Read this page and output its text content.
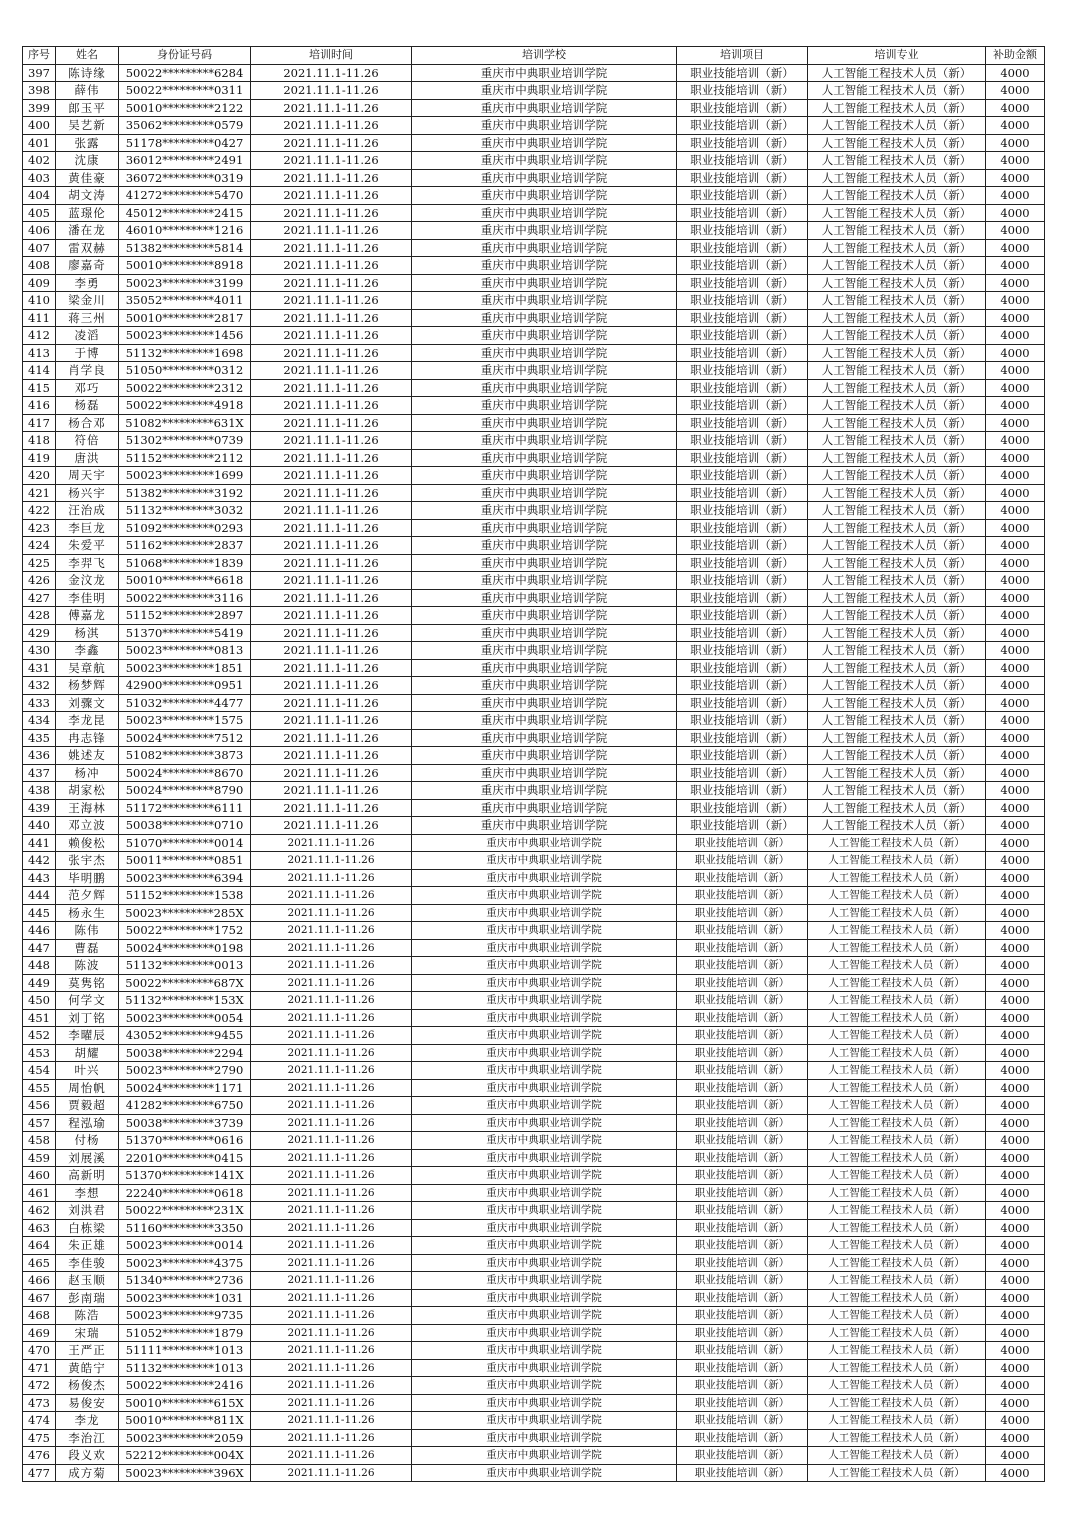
序号	姓名	身份证号码	培训时间	培训学校	培训项目	培训专业	补助金额
397	陈诗缘	50022*********6284	2021.11.1-11.26	重庆市中典职业培训学院	职业技能培训（新）	人工智能工程技术人员（新）	4000
398	薛伟	50022*********0311	2021.11.1-11.26	重庆市中典职业培训学院	职业技能培训（新）	人工智能工程技术人员（新）	4000
399	郎玉平	50010*********2122	2021.11.1-11.26	重庆市中典职业培训学院	职业技能培训（新）	人工智能工程技术人员（新）	4000
400	吴艺新	35062*********0579	2021.11.1-11.26	重庆市中典职业培训学院	职业技能培训（新）	人工智能工程技术人员（新）	4000
401	张露	51178*********0427	2021.11.1-11.26	重庆市中典职业培训学院	职业技能培训（新）	人工智能工程技术人员（新）	4000
402	沈康	36012*********2491	2021.11.1-11.26	重庆市中典职业培训学院	职业技能培训（新）	人工智能工程技术人员（新）	4000
403	黄佳豪	36072*********0319	2021.11.1-11.26	重庆市中典职业培训学院	职业技能培训（新）	人工智能工程技术人员（新）	4000
404	胡文涛	41272*********5470	2021.11.1-11.26	重庆市中典职业培训学院	职业技能培训（新）	人工智能工程技术人员（新）	4000
405	蓝璟伦	45012*********2415	2021.11.1-11.26	重庆市中典职业培训学院	职业技能培训（新）	人工智能工程技术人员（新）	4000
406	潘在龙	46010*********1216	2021.11.1-11.26	重庆市中典职业培训学院	职业技能培训（新）	人工智能工程技术人员（新）	4000
407	雷双赫	51382*********5814	2021.11.1-11.26	重庆市中典职业培训学院	职业技能培训（新）	人工智能工程技术人员（新）	4000
408	廖嘉奇	50010*********8918	2021.11.1-11.26	重庆市中典职业培训学院	职业技能培训（新）	人工智能工程技术人员（新）	4000
409	李勇	50023*********3199	2021.11.1-11.26	重庆市中典职业培训学院	职业技能培训（新）	人工智能工程技术人员（新）	4000
410	梁金川	35052*********4011	2021.11.1-11.26	重庆市中典职业培训学院	职业技能培训（新）	人工智能工程技术人员（新）	4000
411	蒋三州	50010*********2817	2021.11.1-11.26	重庆市中典职业培训学院	职业技能培训（新）	人工智能工程技术人员（新）	4000
412	凌滔	50023*********1456	2021.11.1-11.26	重庆市中典职业培训学院	职业技能培训（新）	人工智能工程技术人员（新）	4000
413	于博	51132*********1698	2021.11.1-11.26	重庆市中典职业培训学院	职业技能培训（新）	人工智能工程技术人员（新）	4000
414	肖学良	51050*********0312	2021.11.1-11.26	重庆市中典职业培训学院	职业技能培训（新）	人工智能工程技术人员（新）	4000
415	邓巧	50022*********2312	2021.11.1-11.26	重庆市中典职业培训学院	职业技能培训（新）	人工智能工程技术人员（新）	4000
416	杨磊	50022*********4918	2021.11.1-11.26	重庆市中典职业培训学院	职业技能培训（新）	人工智能工程技术人员（新）	4000
417	杨合邓	51082*********631X	2021.11.1-11.26	重庆市中典职业培训学院	职业技能培训（新）	人工智能工程技术人员（新）	4000
418	符倍	51302*********0739	2021.11.1-11.26	重庆市中典职业培训学院	职业技能培训（新）	人工智能工程技术人员（新）	4000
419	唐洪	51152*********2112	2021.11.1-11.26	重庆市中典职业培训学院	职业技能培训（新）	人工智能工程技术人员（新）	4000
420	周天宇	50023*********1699	2021.11.1-11.26	重庆市中典职业培训学院	职业技能培训（新）	人工智能工程技术人员（新）	4000
421	杨兴宇	51382*********3192	2021.11.1-11.26	重庆市中典职业培训学院	职业技能培训（新）	人工智能工程技术人员（新）	4000
422	汪治成	51132*********3032	2021.11.1-11.26	重庆市中典职业培训学院	职业技能培训（新）	人工智能工程技术人员（新）	4000
423	李巨龙	51092*********0293	2021.11.1-11.26	重庆市中典职业培训学院	职业技能培训（新）	人工智能工程技术人员（新）	4000
424	朱爱平	51162*********2837	2021.11.1-11.26	重庆市中典职业培训学院	职业技能培训（新）	人工智能工程技术人员（新）	4000
425	李羿飞	51068*********1839	2021.11.1-11.26	重庆市中典职业培训学院	职业技能培训（新）	人工智能工程技术人员（新）	4000
426	金汶龙	50010*********6618	2021.11.1-11.26	重庆市中典职业培训学院	职业技能培训（新）	人工智能工程技术人员（新）	4000
427	李佳明	50022*********3116	2021.11.1-11.26	重庆市中典职业培训学院	职业技能培训（新）	人工智能工程技术人员（新）	4000
428	傅嘉龙	51152*********2897	2021.11.1-11.26	重庆市中典职业培训学院	职业技能培训（新）	人工智能工程技术人员（新）	4000
429	杨淇	51370*********5419	2021.11.1-11.26	重庆市中典职业培训学院	职业技能培训（新）	人工智能工程技术人员（新）	4000
430	李鑫	50023*********0813	2021.11.1-11.26	重庆市中典职业培训学院	职业技能培训（新）	人工智能工程技术人员（新）	4000
431	吴章航	50023*********1851	2021.11.1-11.26	重庆市中典职业培训学院	职业技能培训（新）	人工智能工程技术人员（新）	4000
432	杨梦辉	42900*********0951	2021.11.1-11.26	重庆市中典职业培训学院	职业技能培训（新）	人工智能工程技术人员（新）	4000
433	刘骤文	51032*********4477	2021.11.1-11.26	重庆市中典职业培训学院	职业技能培训（新）	人工智能工程技术人员（新）	4000
434	李龙昆	50023*********1575	2021.11.1-11.26	重庆市中典职业培训学院	职业技能培训（新）	人工智能工程技术人员（新）	4000
435	冉志锋	50024*********7512	2021.11.1-11.26	重庆市中典职业培训学院	职业技能培训（新）	人工智能工程技术人员（新）	4000
436	姚述友	51082*********3873	2021.11.1-11.26	重庆市中典职业培训学院	职业技能培训（新）	人工智能工程技术人员（新）	4000
437	杨冲	50024*********8670	2021.11.1-11.26	重庆市中典职业培训学院	职业技能培训（新）	人工智能工程技术人员（新）	4000
438	胡家松	50024*********8790	2021.11.1-11.26	重庆市中典职业培训学院	职业技能培训（新）	人工智能工程技术人员（新）	4000
439	王海林	51172*********6111	2021.11.1-11.26	重庆市中典职业培训学院	职业技能培训（新）	人工智能工程技术人员（新）	4000
440	邓立波	50038*********0710	2021.11.1-11.26	重庆市中典职业培训学院	职业技能培训（新）	人工智能工程技术人员（新）	4000
441	赖俊松	51070*********0014	2021.11.1-11.26	重庆市中典职业培训学院	职业技能培训（新）	人工智能工程技术人员（新）	4000
442	张宇杰	50011*********0851	2021.11.1-11.26	重庆市中典职业培训学院	职业技能培训（新）	人工智能工程技术人员（新）	4000
443	毕明鹏	50023*********6394	2021.11.1-11.26	重庆市中典职业培训学院	职业技能培训（新）	人工智能工程技术人员（新）	4000
444	范夕辉	51152*********1538	2021.11.1-11.26	重庆市中典职业培训学院	职业技能培训（新）	人工智能工程技术人员（新）	4000
445	杨永生	50023*********285X	2021.11.1-11.26	重庆市中典职业培训学院	职业技能培训（新）	人工智能工程技术人员（新）	4000
446	陈伟	50022*********1752	2021.11.1-11.26	重庆市中典职业培训学院	职业技能培训（新）	人工智能工程技术人员（新）	4000
447	曹磊	50024*********0198	2021.11.1-11.26	重庆市中典职业培训学院	职业技能培训（新）	人工智能工程技术人员（新）	4000
448	陈波	51132*********0013	2021.11.1-11.26	重庆市中典职业培训学院	职业技能培训（新）	人工智能工程技术人员（新）	4000
449	莫隽铭	50022*********687X	2021.11.1-11.26	重庆市中典职业培训学院	职业技能培训（新）	人工智能工程技术人员（新）	4000
450	何学文	51132*********153X	2021.11.1-11.26	重庆市中典职业培训学院	职业技能培训（新）	人工智能工程技术人员（新）	4000
451	刘丁铭	50023*********0054	2021.11.1-11.26	重庆市中典职业培训学院	职业技能培训（新）	人工智能工程技术人员（新）	4000
452	李曜辰	43052*********9455	2021.11.1-11.26	重庆市中典职业培训学院	职业技能培训（新）	人工智能工程技术人员（新）	4000
453	胡耀	50038*********2294	2021.11.1-11.26	重庆市中典职业培训学院	职业技能培训（新）	人工智能工程技术人员（新）	4000
454	叶兴	50023*********2790	2021.11.1-11.26	重庆市中典职业培训学院	职业技能培训（新）	人工智能工程技术人员（新）	4000
455	周怡帆	50024*********1171	2021.11.1-11.26	重庆市中典职业培训学院	职业技能培训（新）	人工智能工程技术人员（新）	4000
456	贾毅超	41282*********6750	2021.11.1-11.26	重庆市中典职业培训学院	职业技能培训（新）	人工智能工程技术人员（新）	4000
457	程泓瑜	50038*********3739	2021.11.1-11.26	重庆市中典职业培训学院	职业技能培训（新）	人工智能工程技术人员（新）	4000
458	付杨	51370*********0616	2021.11.1-11.26	重庆市中典职业培训学院	职业技能培训（新）	人工智能工程技术人员（新）	4000
459	刘展溪	22010*********0415	2021.11.1-11.26	重庆市中典职业培训学院	职业技能培训（新）	人工智能工程技术人员（新）	4000
460	高新明	51370*********141X	2021.11.1-11.26	重庆市中典职业培训学院	职业技能培训（新）	人工智能工程技术人员（新）	4000
461	李想	22240*********0618	2021.11.1-11.26	重庆市中典职业培训学院	职业技能培训（新）	人工智能工程技术人员（新）	4000
462	刘洪君	50022*********231X	2021.11.1-11.26	重庆市中典职业培训学院	职业技能培训（新）	人工智能工程技术人员（新）	4000
463	白栋梁	51160*********3350	2021.11.1-11.26	重庆市中典职业培训学院	职业技能培训（新）	人工智能工程技术人员（新）	4000
464	朱正雄	50023*********0014	2021.11.1-11.26	重庆市中典职业培训学院	职业技能培训（新）	人工智能工程技术人员（新）	4000
465	李佳骏	50023*********4375	2021.11.1-11.26	重庆市中典职业培训学院	职业技能培训（新）	人工智能工程技术人员（新）	4000
466	赵玉顺	51340*********2736	2021.11.1-11.26	重庆市中典职业培训学院	职业技能培训（新）	人工智能工程技术人员（新）	4000
467	彭南瑞	50023*********1031	2021.11.1-11.26	重庆市中典职业培训学院	职业技能培训（新）	人工智能工程技术人员（新）	4000
468	陈浩	50023*********9735	2021.11.1-11.26	重庆市中典职业培训学院	职业技能培训（新）	人工智能工程技术人员（新）	4000
469	宋瑞	51052*********1879	2021.11.1-11.26	重庆市中典职业培训学院	职业技能培训（新）	人工智能工程技术人员（新）	4000
470	王严正	51111*********1013	2021.11.1-11.26	重庆市中典职业培训学院	职业技能培训（新）	人工智能工程技术人员（新）	4000
471	黄皓宁	51132*********1013	2021.11.1-11.26	重庆市中典职业培训学院	职业技能培训（新）	人工智能工程技术人员（新）	4000
472	杨俊杰	50022*********2416	2021.11.1-11.26	重庆市中典职业培训学院	职业技能培训（新）	人工智能工程技术人员（新）	4000
473	易俊安	50010*********615X	2021.11.1-11.26	重庆市中典职业培训学院	职业技能培训（新）	人工智能工程技术人员（新）	4000
474	李龙	50010*********811X	2021.11.1-11.26	重庆市中典职业培训学院	职业技能培训（新）	人工智能工程技术人员（新）	4000
475	李治江	50023*********2059	2021.11.1-11.26	重庆市中典职业培训学院	职业技能培训（新）	人工智能工程技术人员（新）	4000
476	段义欢	52212*********004X	2021.11.1-11.26	重庆市中典职业培训学院	职业技能培训（新）	人工智能工程技术人员（新）	4000
477	成方菊	50023*********396X	2021.11.1-11.26	重庆市中典职业培训学院	职业技能培训（新）	人工智能工程技术人员（新）	4000
